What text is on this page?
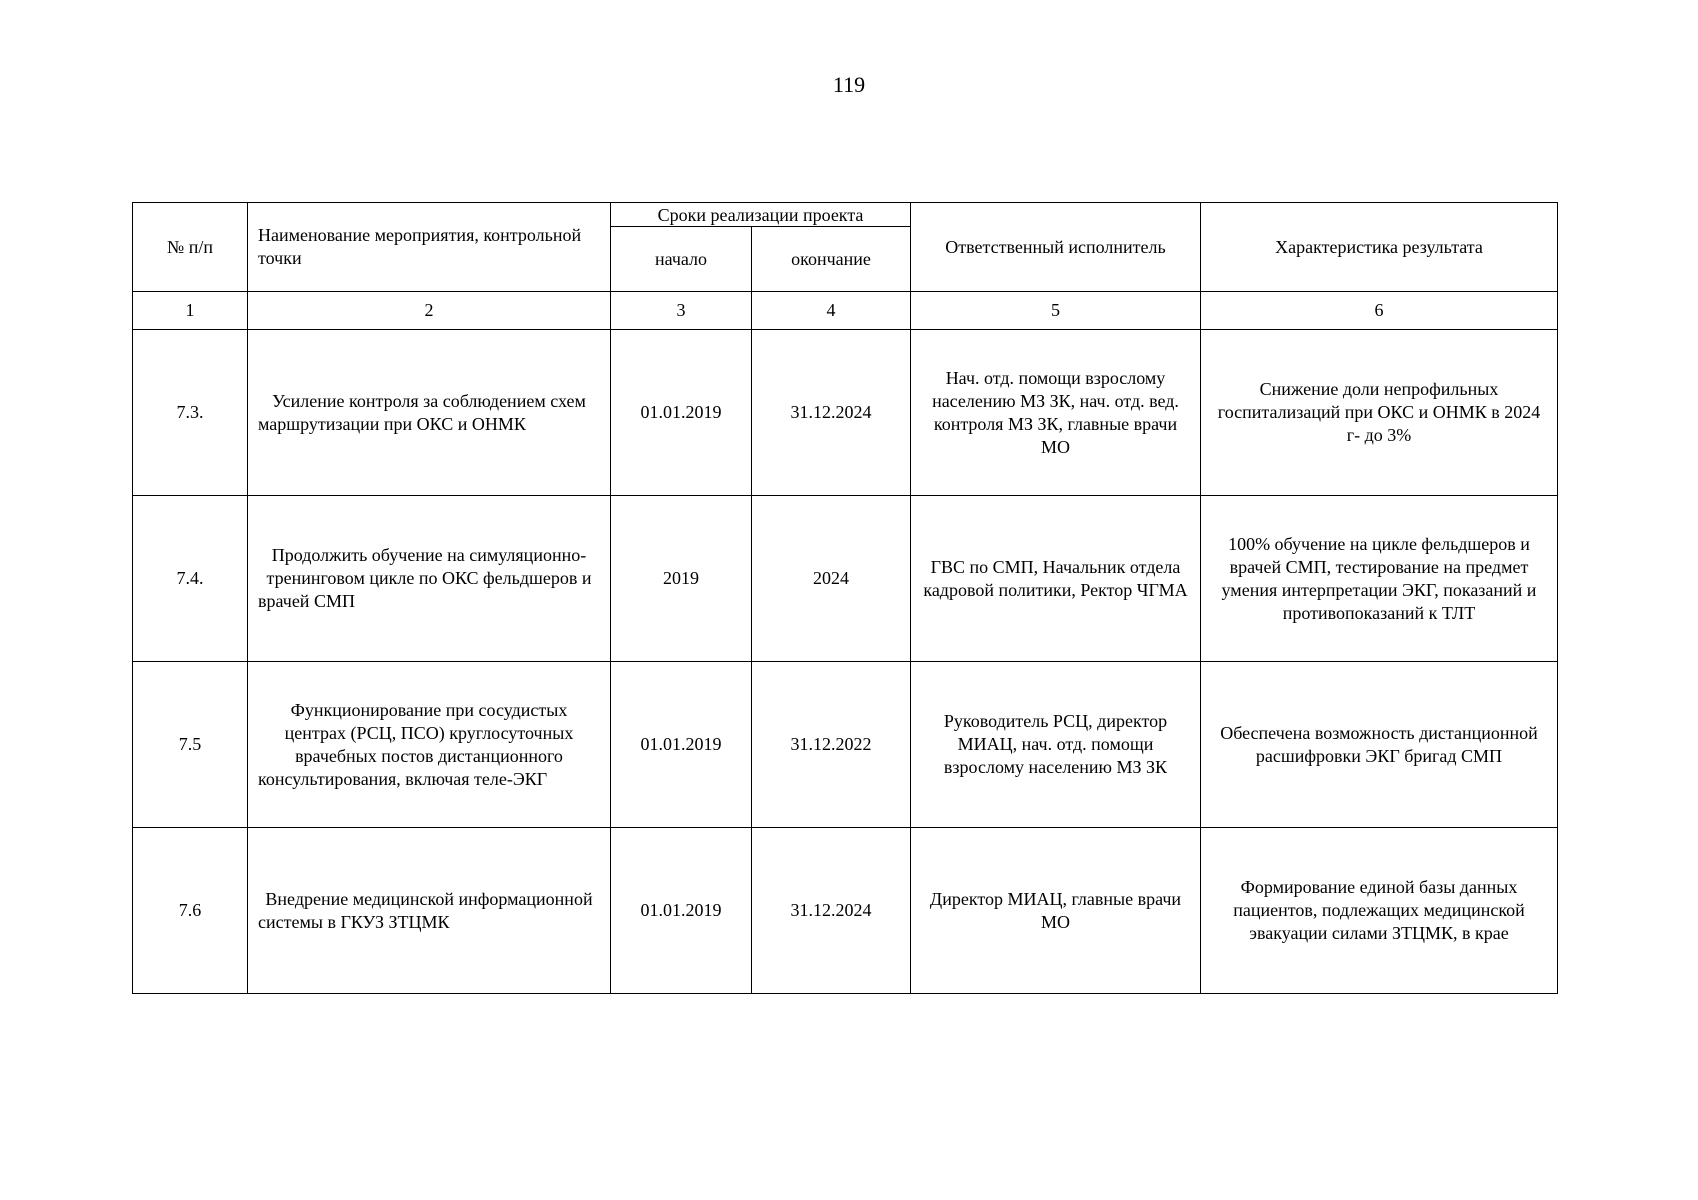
119
№ п/п	Наименование мероприятия, контрольной точки	Сроки реализации проекта		Ответственный исполнитель	Характеристика результата
		начало	окончание		
1	2	3	4	5	6
7.3.	Усиление контроля за соблюдением схем маршрутизации при ОКС и ОНМК	01.01.2019	31.12.2024	Нач. отд. помощи взрослому населению МЗ ЗК, нач. отд. вед. контроля МЗ ЗК, главные врачи МО	Снижение доли непрофильных госпитализаций при ОКС и ОНМК в 2024 г- до 3%
7.4.	Продолжить обучение на симуляционно-тренинговом цикле по ОКС фельдшеров и врачей СМП	2019	2024	ГВС по СМП, Начальник отдела кадровой политики, Ректор ЧГМА	100% обучение на цикле фельдшеров и врачей СМП, тестирование на предмет умения интерпретации ЭКГ, показаний и противопоказаний к ТЛТ
7.5	Функционирование при сосудистых центрах (РСЦ, ПСО) круглосуточных врачебных постов дистанционного консультирования, включая теле-ЭКГ	01.01.2019	31.12.2022	Руководитель РСЦ, директор МИАЦ, нач. отд. помощи взрослому населению МЗ ЗК	Обеспечена возможность дистанционной расшифровки ЭКГ бригад СМП
7.6	Внедрение медицинской информационной системы в ГКУЗ ЗТЦМК	01.01.2019	31.12.2024	Директор МИАЦ, главные врачи МО	Формирование единой базы данных пациентов, подлежащих медицинской эвакуации силами ЗТЦМК, в крае
